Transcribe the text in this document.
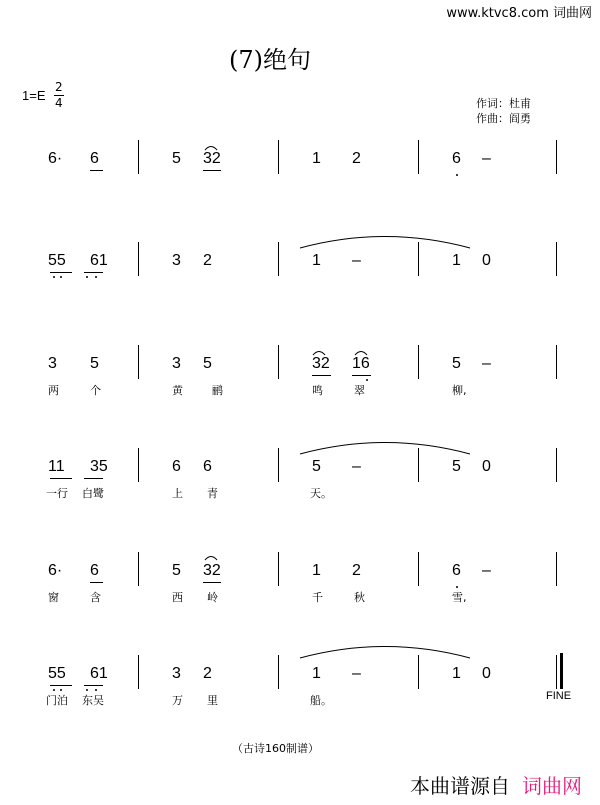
www.ktvc8.com 词曲网
(7)绝句
1=E
2
4	作词：杜甫
作曲：阎勇
6· 6	5 32	1 2	6 –
55 61	3 2	1 –	1 0
3 5	3 5	32 16	5 –
两	个	黄	鹂	鸣	翠	柳,
11 35	6 6	5 –	5 0
一行 白鹭	上 青	天。
6· 6	5 32	1 2	6 –
窗	含	西 岭	千	秋	雪,
55 61	3 2	1 –	1 0
门泊 东吴	万 里	船。	FINE
（古诗160制谱）
本曲谱源自 词曲网
